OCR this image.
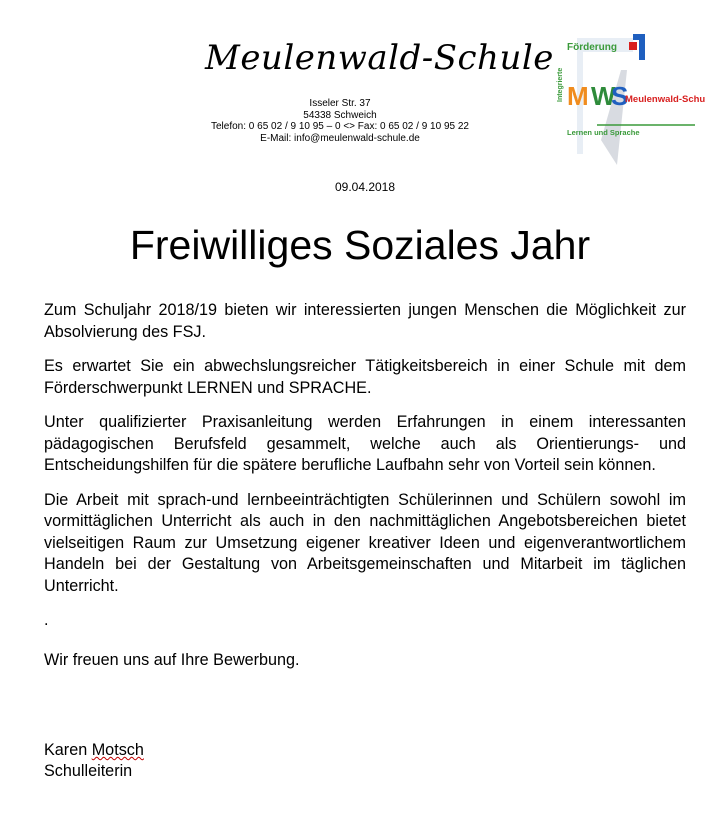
Meulenwald-Schule
Isseler Str. 37
54338 Schweich
Telefon: 0 65 02 / 9 10 95 – 0 <> Fax: 0 65 02 / 9 10 95 22
E-Mail: info@meulenwald-schule.de
Förderung
Integrierte M W
S
Meulenwald-Schule
Lernen und Sprache
09.04.2018
Freiwilliges Soziales Jahr

Zum Schuljahr 2018/19 bieten wir interessierten jungen Menschen die Möglichkeit zur Absolvierung des FSJ.

Es erwartet Sie ein abwechslungsreicher Tätigkeitsbereich in einer Schule mit dem Förderschwerpunkt LERNEN und SPRACHE.

Unter qualifizierter Praxisanleitung werden Erfahrungen in einem interessanten pädagogischen Berufsfeld gesammelt, welche auch als Orientierungs- und Entscheidungshilfen für die spätere berufliche Laufbahn sehr von Vorteil sein können.

Die Arbeit mit sprach-und lernbeeinträchtigten Schülerinnen und Schülern sowohl im vormittäglichen Unterricht als auch in den nachmittäglichen Angebotsbereichen bietet vielseitigen Raum zur Umsetzung eigener kreativer Ideen und eigenverantwortlichem Handeln bei der Gestaltung von Arbeitsgemeinschaften und Mitarbeit im täglichen Unterricht.

.

Wir freuen uns auf Ihre Bewerbung.

Karen Motsch
Schulleiterin
